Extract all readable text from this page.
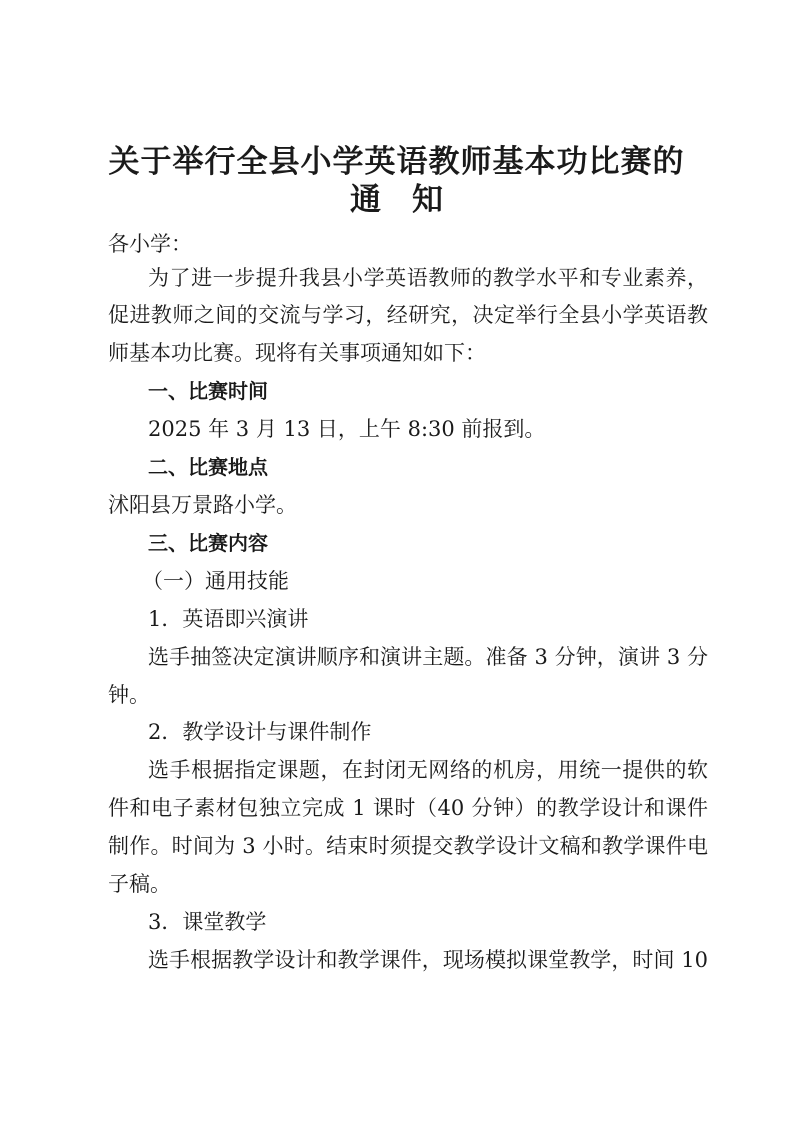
关于举行全县小学英语教师基本功比赛的
通　知

各小学：

为了进一步提升我县小学英语教师的教学水平和专业素养，

促进教师之间的交流与学习，经研究，决定举行全县小学英语教

师基本功比赛。现将有关事项通知如下：

一、比赛时间

2025 年 3 月 13 日，上午 8:30 前报到。

二、比赛地点

沭阳县万景路小学。

三、比赛内容

（一）通用技能

1．英语即兴演讲

选手抽签决定演讲顺序和演讲主题。准备 3 分钟，演讲 3 分

钟。

2．教学设计与课件制作

选手根据指定课题，在封闭无网络的机房，用统一提供的软

件和电子素材包独立完成 1 课时（40 分钟）的教学设计和课件

制作。时间为 3 小时。结束时须提交教学设计文稿和教学课件电

子稿。

3．课堂教学

选手根据教学设计和教学课件，现场模拟课堂教学，时间 10
